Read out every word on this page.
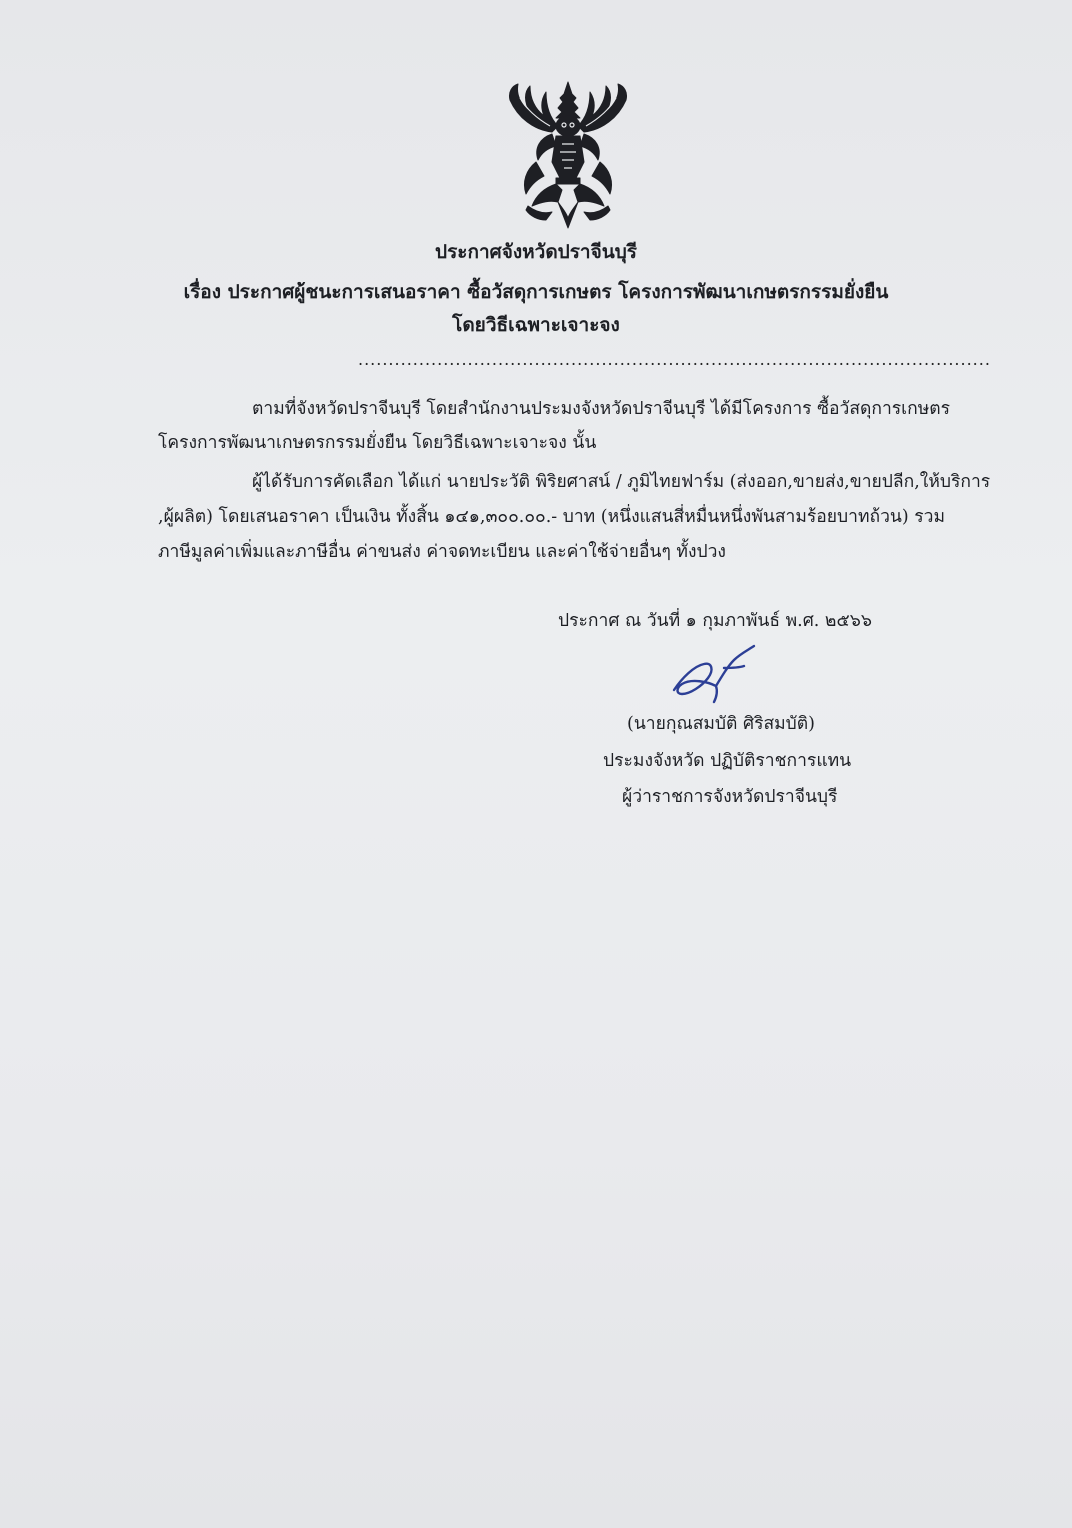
ประกาศจังหวัดปราจีนบุรี
เรื่อง ประกาศผู้ชนะการเสนอราคา ซื้อวัสดุการเกษตร โครงการพัฒนาเกษตรกรรมยั่งยืน
โดยวิธีเฉพาะเจาะจง
........................................................................................................
ตามที่จังหวัดปราจีนบุรี โดยสำนักงานประมงจังหวัดปราจีนบุรี ได้มีโครงการ ซื้อวัสดุการเกษตร
โครงการพัฒนาเกษตรกรรมยั่งยืน โดยวิธีเฉพาะเจาะจง นั้น
ผู้ได้รับการคัดเลือก ได้แก่ นายประวัติ พิริยศาสน์ / ภูมิไทยฟาร์ม (ส่งออก,ขายส่ง,ขายปลีก,ให้บริการ
,ผู้ผลิต) โดยเสนอราคา เป็นเงิน ทั้งสิ้น ๑๔๑,๓๐๐.๐๐.- บาท (หนึ่งแสนสี่หมื่นหนึ่งพันสามร้อยบาทถ้วน) รวม
ภาษีมูลค่าเพิ่มและภาษีอื่น ค่าขนส่ง ค่าจดทะเบียน และค่าใช้จ่ายอื่นๆ ทั้งปวง
ประกาศ ณ วันที่ ๑ กุมภาพันธ์ พ.ศ. ๒๕๖๖
(นายกุณสมบัติ ศิริสมบัติ)
ประมงจังหวัด ปฏิบัติราชการแทน
ผู้ว่าราชการจังหวัดปราจีนบุรี
